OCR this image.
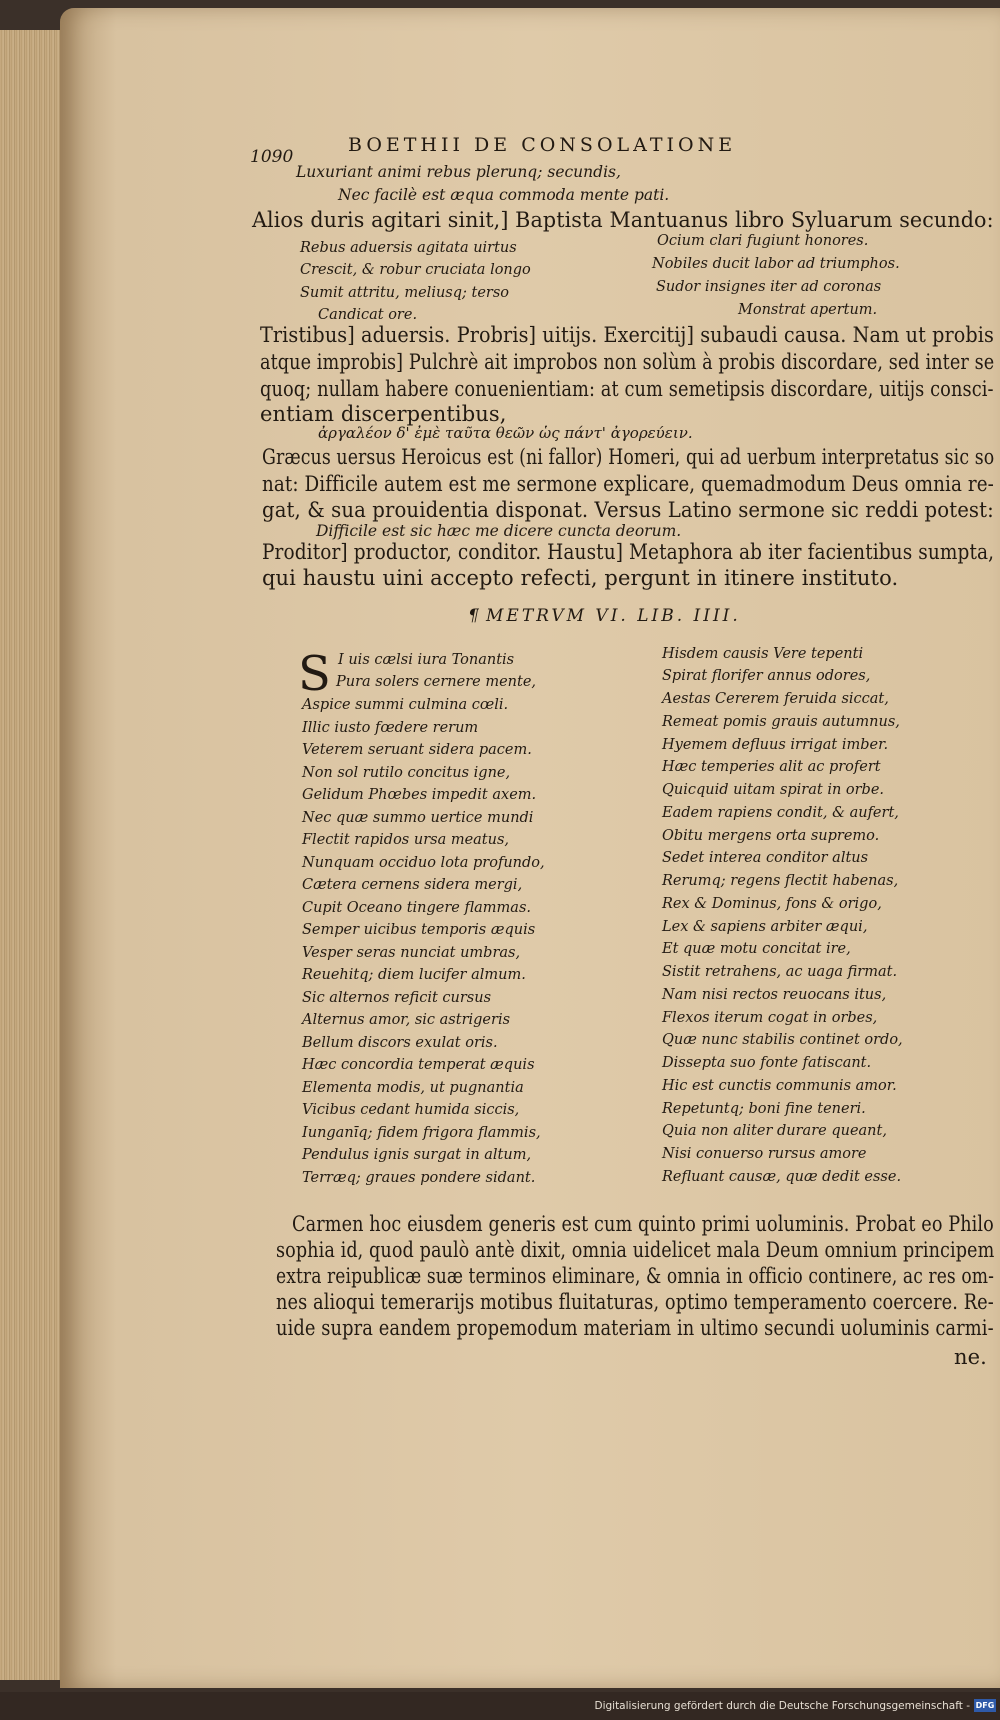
1090
BOETHII DE CONSOLATIONE
Luxuriant animi rebus plerunq; secundis,
Nec facilè est æqua commoda mente pati.
Alios duris agitari sinit,] Baptista Mantuanus libro Syluarum secundo:
Rebus aduersis agitata uirtus
Crescit, & robur cruciata longo
Sumit attritu, meliusq; terso
Candicat ore.
Ocium clari fugiunt honores.
Nobiles ducit labor ad triumphos.
Sudor insignes iter ad coronas
Monstrat apertum.
Tristibus] aduersis. Probris] uitijs. Exercitij] subaudi causa. Nam ut probis
atque improbis] Pulchrè ait improbos non solùm à probis discordare, sed inter se
quoq; nullam habere conuenientiam: at cum semetipsis discordare, uitijs consci-
entiam discerpentibus,
ἀργαλέον δ' ἐμὲ ταῦτα θεῶν ὡς πάντ' ἀγορεύειν.
Græcus uersus Heroicus est (ni fallor) Homeri, qui ad uerbum interpretatus sic so
nat: Difficile autem est me sermone explicare, quemadmodum Deus omnia re-
gat, & sua prouidentia disponat. Versus Latino sermone sic reddi potest:
Difficile est sic hæc me dicere cuncta deorum.
Proditor] productor, conditor. Haustu] Metaphora ab iter facientibus sumpta,
qui haustu uini accepto refecti, pergunt in itinere instituto.
¶ METRVM VI. LIB. IIII.
S I uis cælsi iura Tonantis
Pura solers cernere mente,
Aspice summi culmina cœli.
Illic iusto fœdere rerum
Veterem seruant sidera pacem.
Non sol rutilo concitus igne,
Gelidum Phœbes impedit axem.
Nec quæ summo uertice mundi
Flectit rapidos ursa meatus,
Nunquam occiduo lota profundo,
Cætera cernens sidera mergi,
Cupit Oceano tingere flammas.
Semper uicibus temporis æquis
Vesper seras nunciat umbras,
Reuehitq; diem lucifer almum.
Sic alternos reficit cursus
Alternus amor, sic astrigeris
Bellum discors exulat oris.
Hæc concordia temperat æquis
Elementa modis, ut pugnantia
Vicibus cedant humida siccis,
Iunganīq; fidem frigora flammis,
Pendulus ignis surgat in altum,
Terræq; graues pondere sidant.
Hisdem causis Vere tepenti
Spirat florifer annus odores,
Aestas Cererem feruida siccat,
Remeat pomis grauis autumnus,
Hyemem defluus irrigat imber.
Hæc temperies alit ac profert
Quicquid uitam spirat in orbe.
Eadem rapiens condit, & aufert,
Obitu mergens orta supremo.
Sedet interea conditor altus
Rerumq; regens flectit habenas,
Rex & Dominus, fons & origo,
Lex & sapiens arbiter æqui,
Et quæ motu concitat ire,
Sistit retrahens, ac uaga firmat.
Nam nisi rectos reuocans itus,
Flexos iterum cogat in orbes,
Quæ nunc stabilis continet ordo,
Dissepta suo fonte fatiscant.
Hic est cunctis communis amor.
Repetuntq; boni fine teneri.
Quia non aliter durare queant,
Nisi conuerso rursus amore
Refluant causæ, quæ dedit esse.
Carmen hoc eiusdem generis est cum quinto primi uoluminis. Probat eo Philo
sophia id, quod paulò antè dixit, omnia uidelicet mala Deum omnium principem
extra reipublicæ suæ terminos eliminare, & omnia in officio continere, ac res om-
nes alioqui temerarijs motibus fluitaturas, optimo temperamento coercere. Re-
uide supra eandem propemodum materiam in ultimo secundi uoluminis carmi-
ne.
Digitalisierung gefördert durch die Deutsche Forschungsgemeinschaft - DFG
